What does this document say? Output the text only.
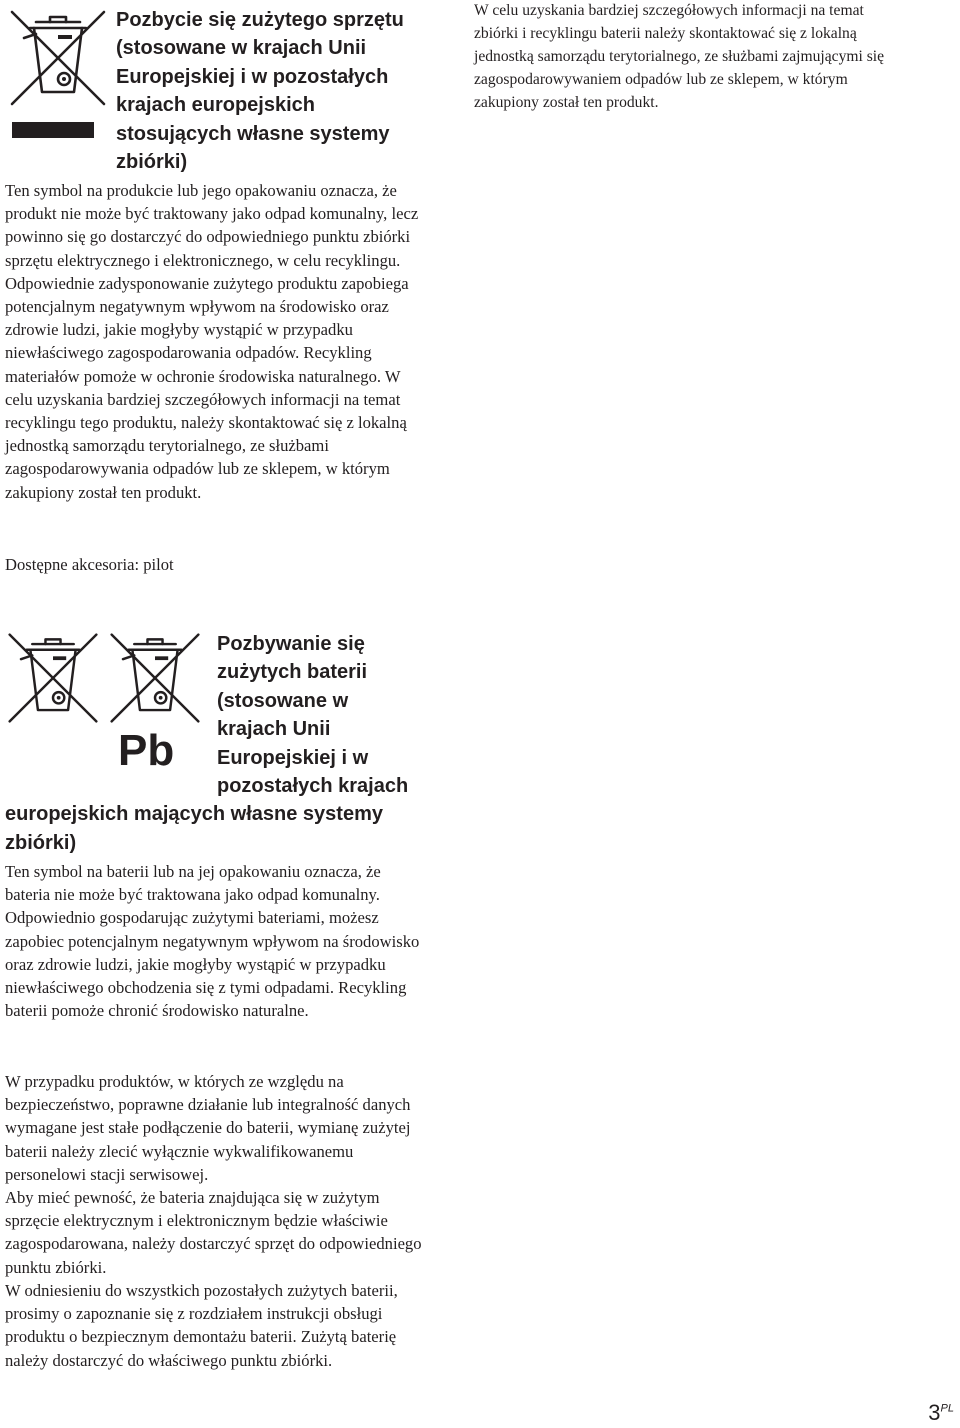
Pozbycie się zużytego sprzętu (stosowane w krajach Unii Europejskiej i w pozostałych krajach europejskich stosujących własne systemy zbiórki)

Ten symbol na produkcie lub jego opakowaniu oznacza, że produkt nie może być traktowany jako odpad komunalny, lecz powinno się go dostarczyć do odpowiedniego punktu zbiórki sprzętu elektrycznego i elektronicznego, w celu recyklingu. Odpowiednie zadysponowanie zużytego produktu zapobiega potencjalnym negatywnym wpływom na środowisko oraz zdrowie ludzi, jakie mogłyby wystąpić w przypadku niewłaściwego zagospodarowania odpadów. Recykling materiałów pomoże w ochronie środowiska naturalnego. W celu uzyskania bardziej szczegółowych informacji na temat recyklingu tego produktu, należy skontaktować się z lokalną jednostką samorządu terytorialnego, ze służbami zagospodarowywania odpadów lub ze sklepem, w którym zakupiony został ten produkt.

Dostępne akcesoria: pilot

Pb
Pozbywanie się zużytych baterii (stosowane w krajach Unii Europejskiej i w pozostałych krajach europejskich mających własne systemy zbiórki)

Ten symbol na baterii lub na jej opakowaniu oznacza, że bateria nie może być traktowana jako odpad komunalny. Odpowiednio gospodarując zużytymi bateriami, możesz zapobiec potencjalnym negatywnym wpływom na środowisko oraz zdrowie ludzi, jakie mogłyby wystąpić w przypadku niewłaściwego obchodzenia się z tymi odpadami. Recykling baterii pomoże chronić środowisko naturalne.

W przypadku produktów, w których ze względu na bezpieczeństwo, poprawne działanie lub integralność danych wymagane jest stałe podłączenie do baterii, wymianę zużytej baterii należy zlecić wyłącznie wykwalifikowanemu personelowi stacji serwisowej.

Aby mieć pewność, że bateria znajdująca się w zużytym sprzęcie elektrycznym i elektronicznym będzie właściwie zagospodarowana, należy dostarczyć sprzęt do odpowiedniego punktu zbiórki.

W odniesieniu do wszystkich pozostałych zużytych baterii, prosimy o zapoznanie się z rozdziałem instrukcji obsługi produktu o bezpiecznym demontażu baterii. Zużytą baterię należy dostarczyć do właściwego punktu zbiórki.

W celu uzyskania bardziej szczegółowych informacji na temat zbiórki i recyklingu baterii należy skontaktować się z lokalną jednostką samorządu terytorialnego, ze służbami zajmującymi się zagospodarowywaniem odpadów lub ze sklepem, w którym zakupiony został ten produkt.

$3^{PL}$
